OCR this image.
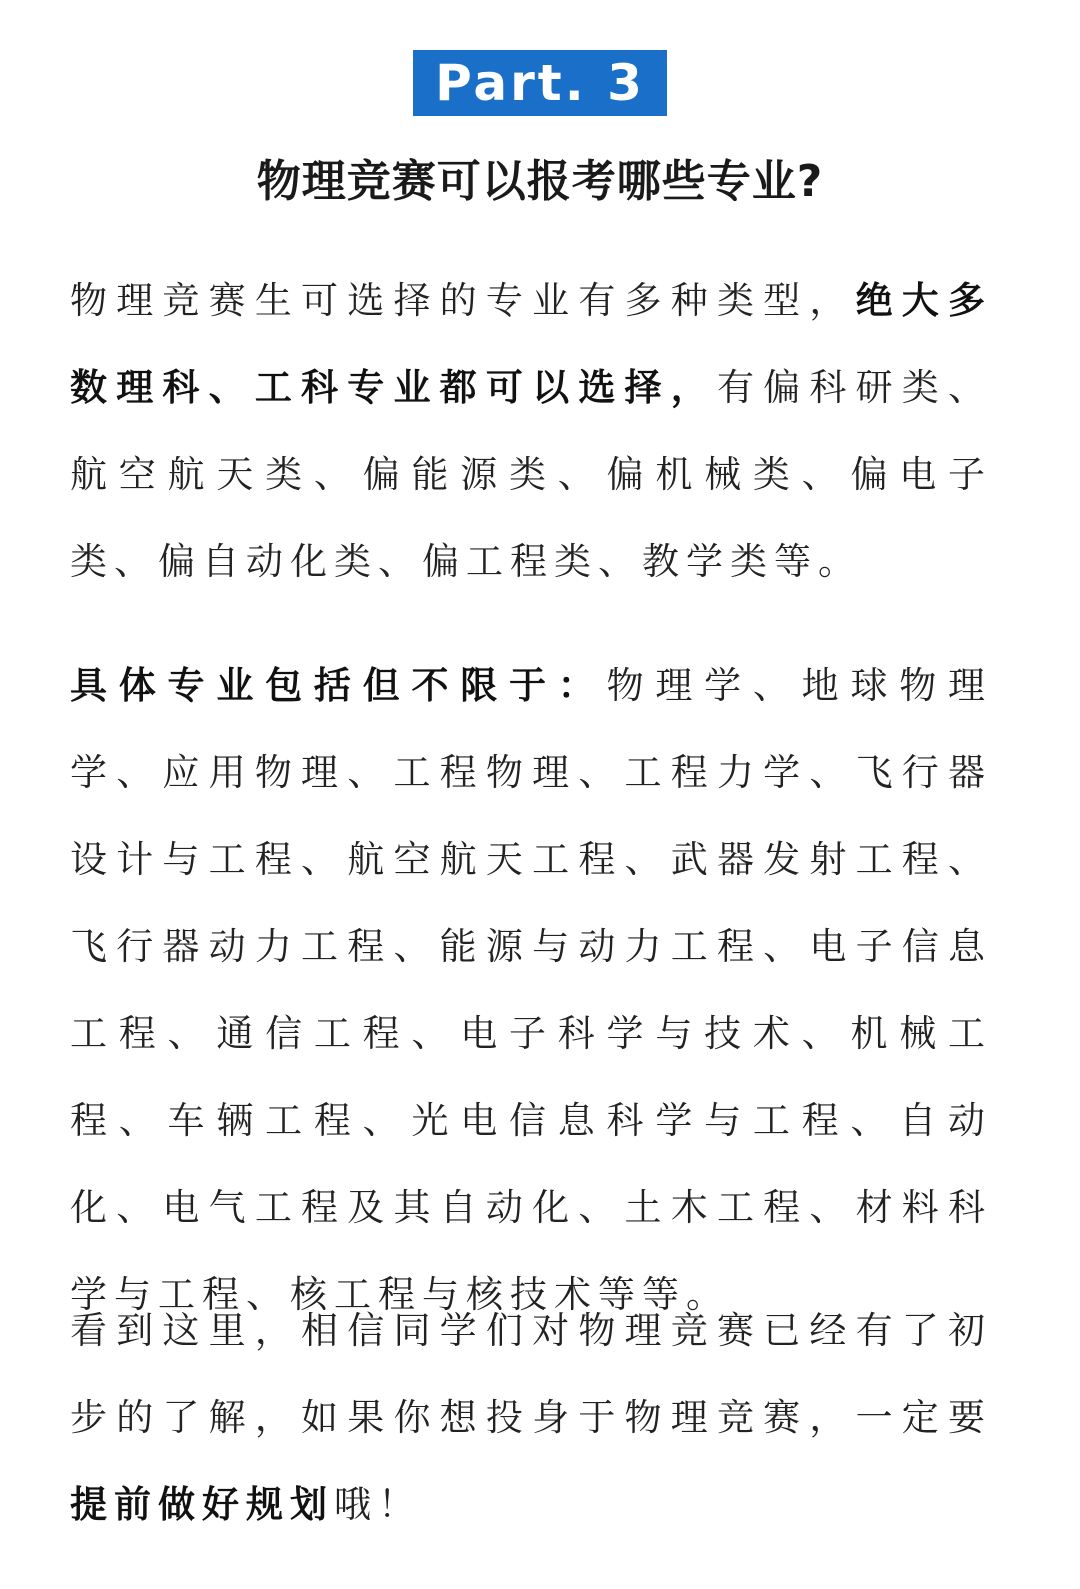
Part. 3
物理竞赛可以报考哪些专业?

物理竞赛生可选择的专业有多种类型，绝大多数理科、工科专业都可以选择，有偏科研类、航空航天类、偏能源类、偏机械类、偏电子类、偏自动化类、偏工程类、教学类等。

具体专业包括但不限于：物理学、地球物理学、应用物理、工程物理、工程力学、飞行器设计与工程、航空航天工程、武器发射工程、飞行器动力工程、能源与动力工程、电子信息工程、通信工程、电子科学与技术、机械工程、车辆工程、光电信息科学与工程、自动化、电气工程及其自动化、土木工程、材料科学与工程、核工程与核技术等等。

看到这里，相信同学们对物理竞赛已经有了初步的了解，如果你想投身于物理竞赛，一定要提前做好规划哦！
